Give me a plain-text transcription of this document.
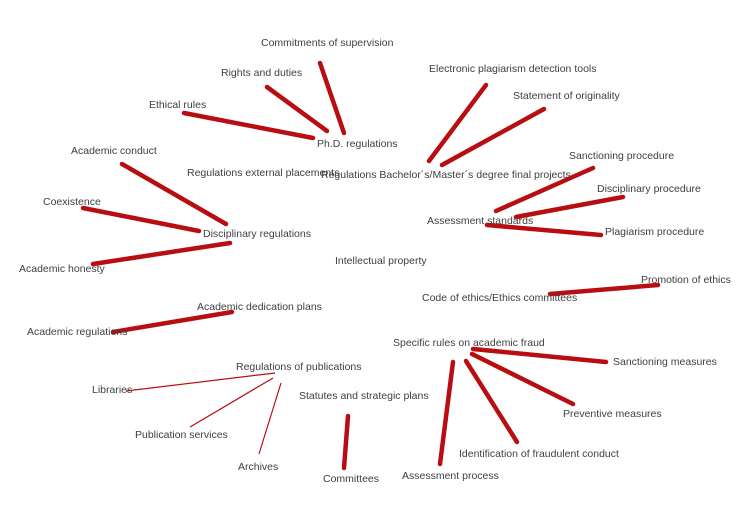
Commitments of supervision
Rights and duties
Ethical rules
Ph.D. regulations
Electronic plagiarism detection tools
Statement of originality
Regulations external placements
Regulations Bachelor´s/Master´s degree final projects
Academic conduct
Coexistence
Academic honesty
Disciplinary regulations
Sanctioning procedure
Disciplinary procedure
Plagiarism procedure
Assessment standards
Intellectual property
Promotion of ethics
Code of ethics/Ethics committees
Specific rules on academic fraud
Sanctioning measures
Preventive measures
Identification of fraudulent conduct
Assessment process
Academic dedication plans
Academic regulations
Regulations of publications
Libraries
Publication services
Archives
Statutes and strategic plans
Committees
